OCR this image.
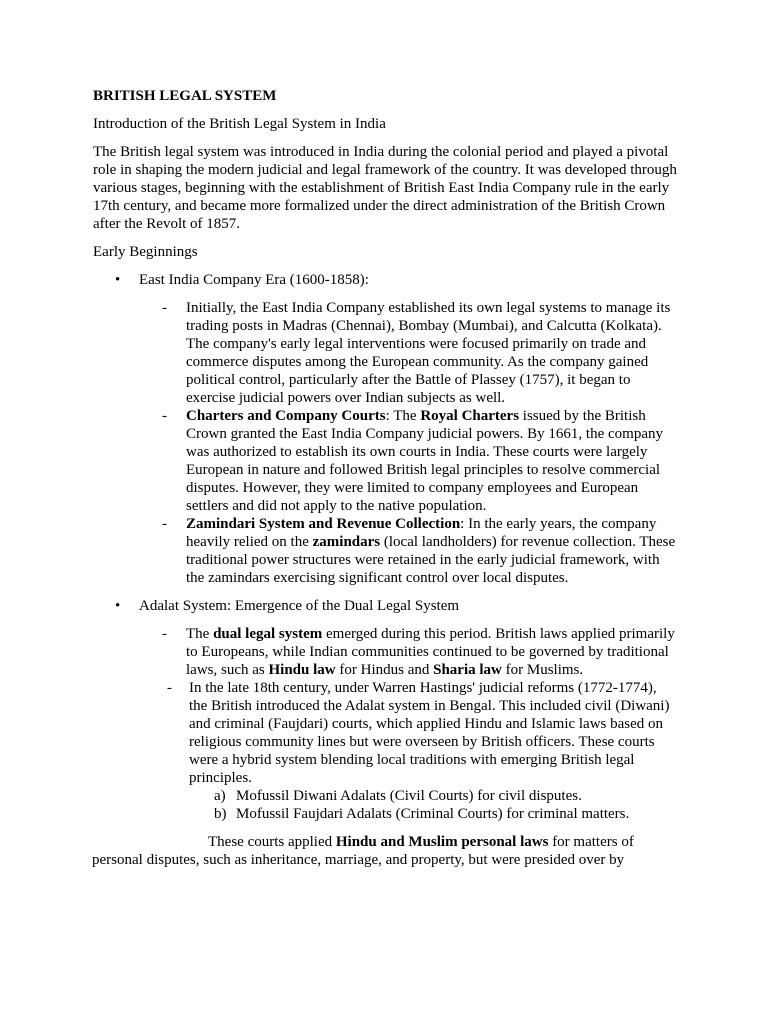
BRITISH LEGAL SYSTEM

Introduction of the British Legal System in India

The British legal system was introduced in India during the colonial period and played a pivotal role in shaping the modern judicial and legal framework of the country. It was developed through various stages, beginning with the establishment of British East India Company rule in the early 17th century, and became more formalized under the direct administration of the British Crown after the Revolt of 1857.

Early Beginnings

• East India Company Era (1600-1858):
- Initially, the East India Company established its own legal systems to manage its trading posts in Madras (Chennai), Bombay (Mumbai), and Calcutta (Kolkata). The company's early legal interventions were focused primarily on trade and commerce disputes among the European community. As the company gained political control, particularly after the Battle of Plassey (1757), it began to exercise judicial powers over Indian subjects as well.
- Charters and Company Courts: The Royal Charters issued by the British Crown granted the East India Company judicial powers. By 1661, the company was authorized to establish its own courts in India. These courts were largely European in nature and followed British legal principles to resolve commercial disputes. However, they were limited to company employees and European settlers and did not apply to the native population.
- Zamindari System and Revenue Collection: In the early years, the company heavily relied on the zamindars (local landholders) for revenue collection. These traditional power structures were retained in the early judicial framework, with the zamindars exercising significant control over local disputes.
• Adalat System: Emergence of the Dual Legal System
- The dual legal system emerged during this period. British laws applied primarily to Europeans, while Indian communities continued to be governed by traditional laws, such as Hindu law for Hindus and Sharia law for Muslims.
- In the late 18th century, under Warren Hastings' judicial reforms (1772-1774), the British introduced the Adalat system in Bengal. This included civil (Diwani) and criminal (Faujdari) courts, which applied Hindu and Islamic laws based on religious community lines but were overseen by British officers. These courts were a hybrid system blending local traditions with emerging British legal principles.
a) Mofussil Diwani Adalats (Civil Courts) for civil disputes.
b) Mofussil Faujdari Adalats (Criminal Courts) for criminal matters.

These courts applied Hindu and Muslim personal laws for matters of personal disputes, such as inheritance, marriage, and property, but were presided over by
